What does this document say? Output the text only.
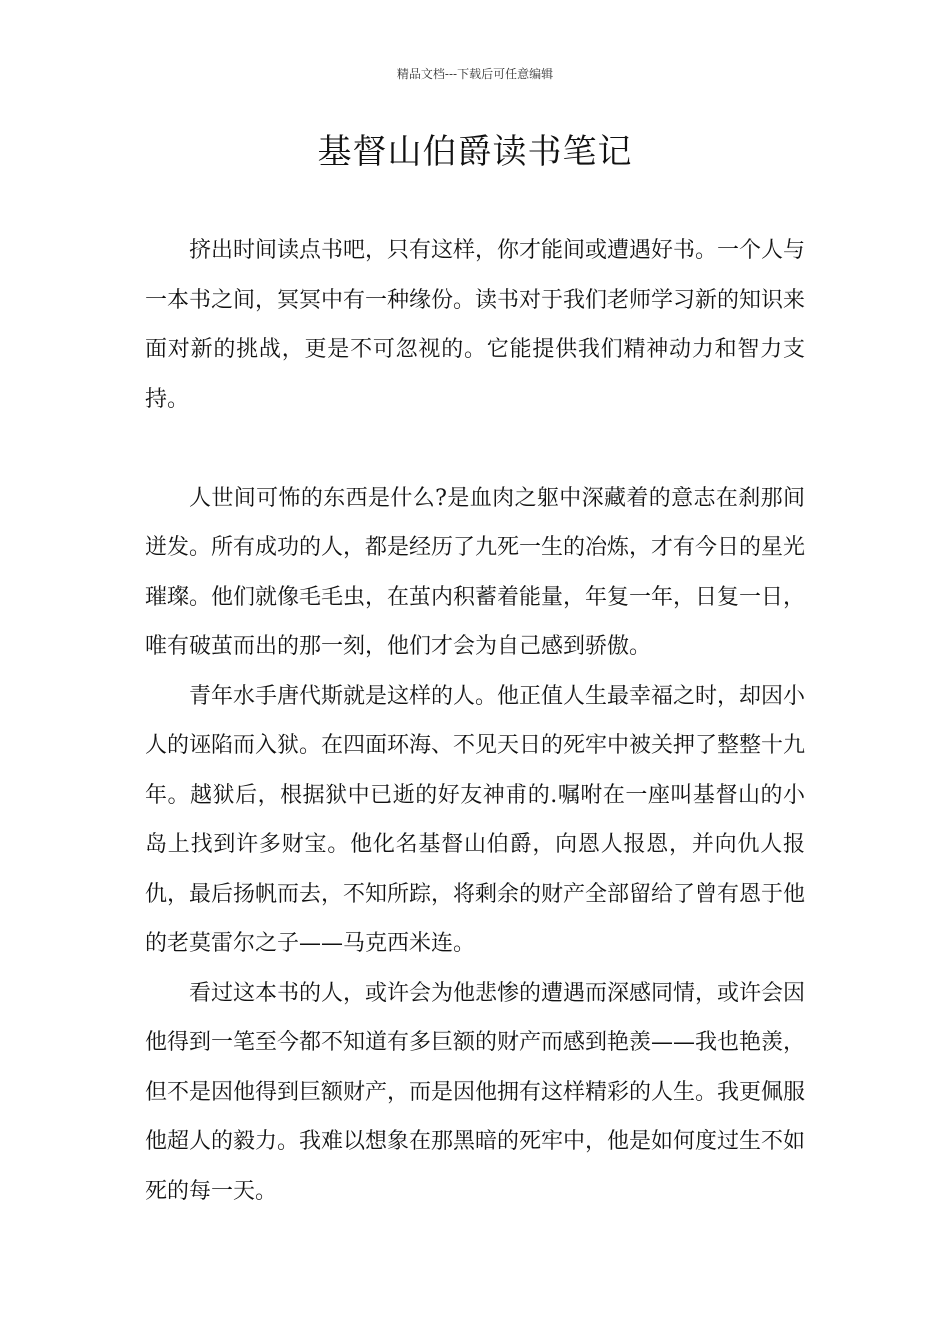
精品文档---下载后可任意编辑
基督山伯爵读书笔记

挤出时间读点书吧，只有这样，你才能间或遭遇好书。一个人与一本书之间，冥冥中有一种缘份。读书对于我们老师学习新的知识来面对新的挑战，更是不可忽视的。它能提供我们精神动力和智力支持。

人世间可怖的东西是什么?是血肉之躯中深藏着的意志在刹那间迸发。所有成功的人，都是经历了九死一生的冶炼，才有今日的星光璀璨。他们就像毛毛虫，在茧内积蓄着能量，年复一年，日复一日，唯有破茧而出的那一刻，他们才会为自己感到骄傲。

青年水手唐代斯就是这样的人。他正值人生最幸福之时，却因小人的诬陷而入狱。在四面环海、不见天日的死牢中被关押了整整十九年。越狱后，根据狱中已逝的好友神甫的.嘱咐在一座叫基督山的小岛上找到许多财宝。他化名基督山伯爵，向恩人报恩，并向仇人报仇，最后扬帆而去，不知所踪，将剩余的财产全部留给了曾有恩于他的老莫雷尔之子——马克西米连。

看过这本书的人，或许会为他悲惨的遭遇而深感同情，或许会因他得到一笔至今都不知道有多巨额的财产而感到艳羡——我也艳羡，但不是因他得到巨额财产，而是因他拥有这样精彩的人生。我更佩服他超人的毅力。我难以想象在那黑暗的死牢中，他是如何度过生不如死的每一天。
